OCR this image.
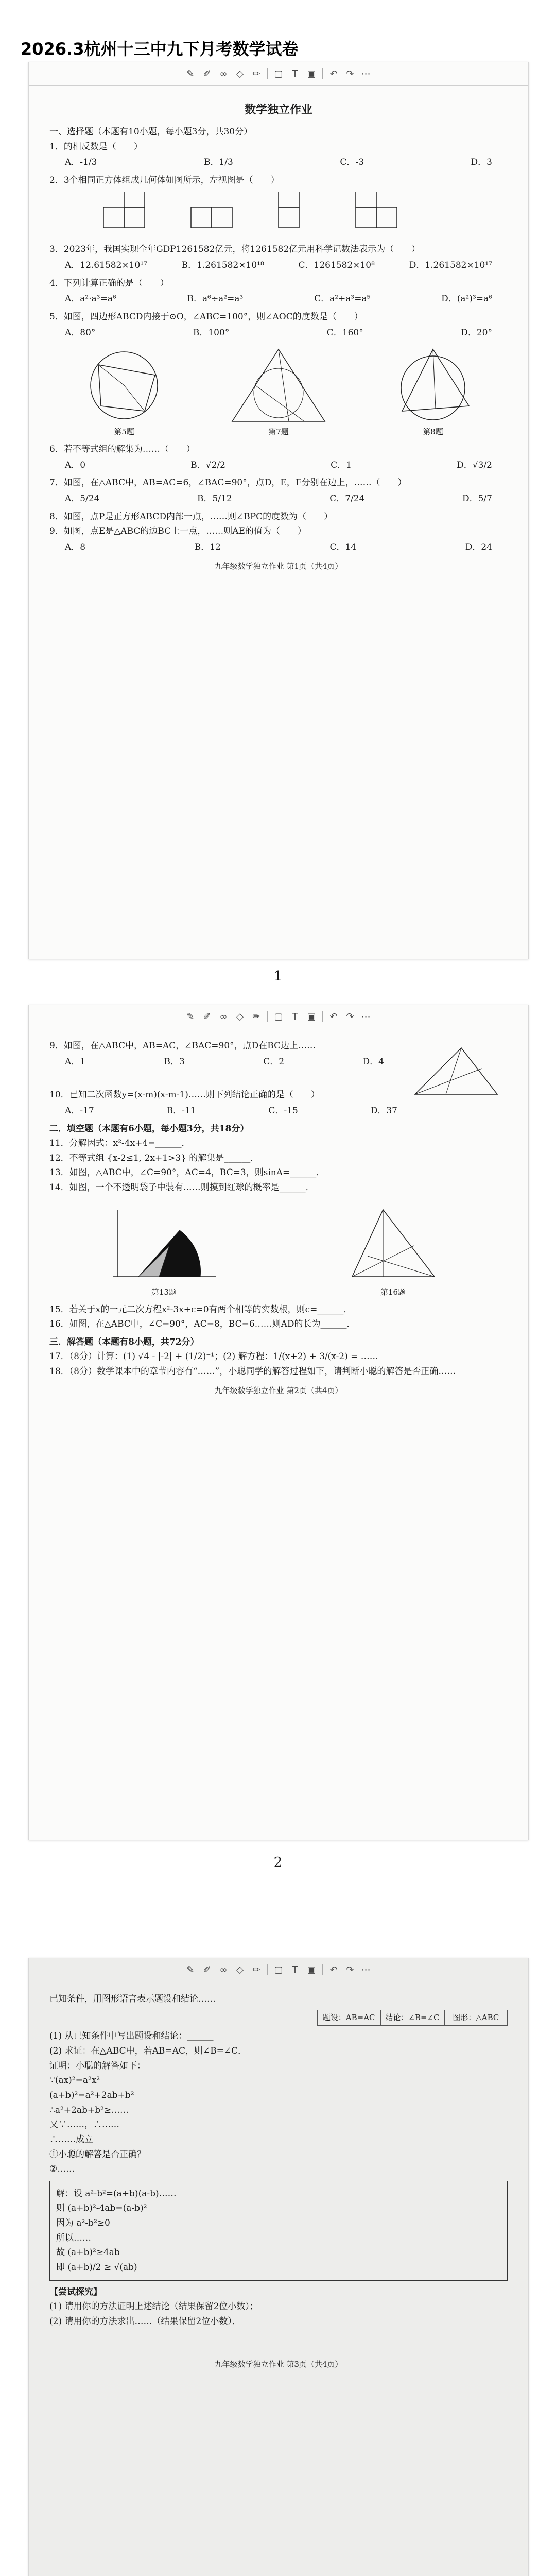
2026.3杭州十三中九下月考数学试卷
✎ ✐ ∞ ◇ ✏ ▢	T ▣ ↶ ↷ ⋯
数学独立作业
一、选择题（本题有10小题，每小题3分，共30分）
1．的相反数是（　　）
A．-1/3	B．1/3	C．-3	D．3
2．3个相同正方体组成几何体如图所示，左视图是（　　）
3．2023年，我国实现全年GDP1261582亿元，将1261582亿元用科学记数法表示为（　　）
A．12.61582×10¹⁷	B．1.261582×10¹⁸	C．1261582×10⁸	D．1.261582×10¹⁷
4．下列计算正确的是（　　）
A．a²·a³=a⁶	B．a⁶÷a²=a³	C．a²+a³=a⁵	D．(a²)³=a⁶
5．如图，四边形ABCD内接于⊙O，∠ABC=100°，则∠AOC的度数是（　　）
A．80°	B．100°	C．160°	D．20°
第5题	第7题	第8题
6．若不等式组的解集为……（　　）
A．0	B．√2/2	C．1	D．√3/2
7．如图，在△ABC中，AB=AC=6，∠BAC=90°，点D，E，F分别在边上，……（　　）
A．5/24	B．5/12	C．7/24	D．5/7
8．如图，点P是正方形ABCD内部一点，……则∠BPC的度数为（　　）
9．如图，点E是△ABC的边BC上一点，……则AE的值为（　　）
A．8	B．12	C．14	D．24
九年级数学独立作业 第1页（共4页）
1
✎ ✐ ∞ ◇ ✏ ▢	T ▣ ↶ ↷ ⋯
9．如图，在△ABC中，AB=AC，∠BAC=90°，点D在BC边上……
A．1	B．3	C．2	D．4
10．已知二次函数y=(x-m)(x-m-1)……则下列结论正确的是（　　）
A．-17	B．-11	C．-15	D．37
二．填空题（本题有6小题，每小题3分，共18分）
11．分解因式：x²-4x+4=______．
12．不等式组 {x-2≤1, 2x+1>3} 的解集是______．
13．如图，△ABC中，∠C=90°，AC=4，BC=3，则sinA=______．
14．如图，一个不透明袋子中装有……则摸到红球的概率是______．
第13题	第16题
15．若关于x的一元二次方程x²-3x+c=0有两个相等的实数根，则c=______．
16．如图，在△ABC中，∠C=90°，AC=8，BC=6……则AD的长为______．
三．解答题（本题有8小题，共72分）
17．（8分）计算：(1) √4 - |-2| + (1/2)⁻¹；(2) 解方程：1/(x+2) + 3/(x-2) = ……
18．（8分）数学课本中的章节内容有“……”，小聪同学的解答过程如下，请判断小聪的解答是否正确……
九年级数学独立作业 第2页（共4页）
2
✎ ✐ ∞ ◇ ✏ ▢	T ▣ ↶ ↷ ⋯
已知条件，用图形语言表示题设和结论……
题设：AB=AC	结论：∠B=∠C	图形：△ABC
(1) 从已知条件中写出题设和结论：______
(2) 求证：在△ABC中，若AB=AC，则∠B=∠C．
证明：小聪的解答如下：
∵(ax)²=a²x²
(a+b)²=a²+2ab+b²
∴a²+2ab+b²≥……
又∵……，∴……
∴……成立
①小聪的解答是否正确？
②……
解：设 a²-b²=(a+b)(a-b)……
则 (a+b)²-4ab=(a-b)²
因为 a²-b²≥0
所以……
故 (a+b)²≥4ab
即 (a+b)/2 ≥ √(ab)
【尝试探究】
(1) 请用你的方法证明上述结论（结果保留2位小数）；
(2) 请用你的方法求出……（结果保留2位小数）．
九年级数学独立作业 第3页（共4页）
